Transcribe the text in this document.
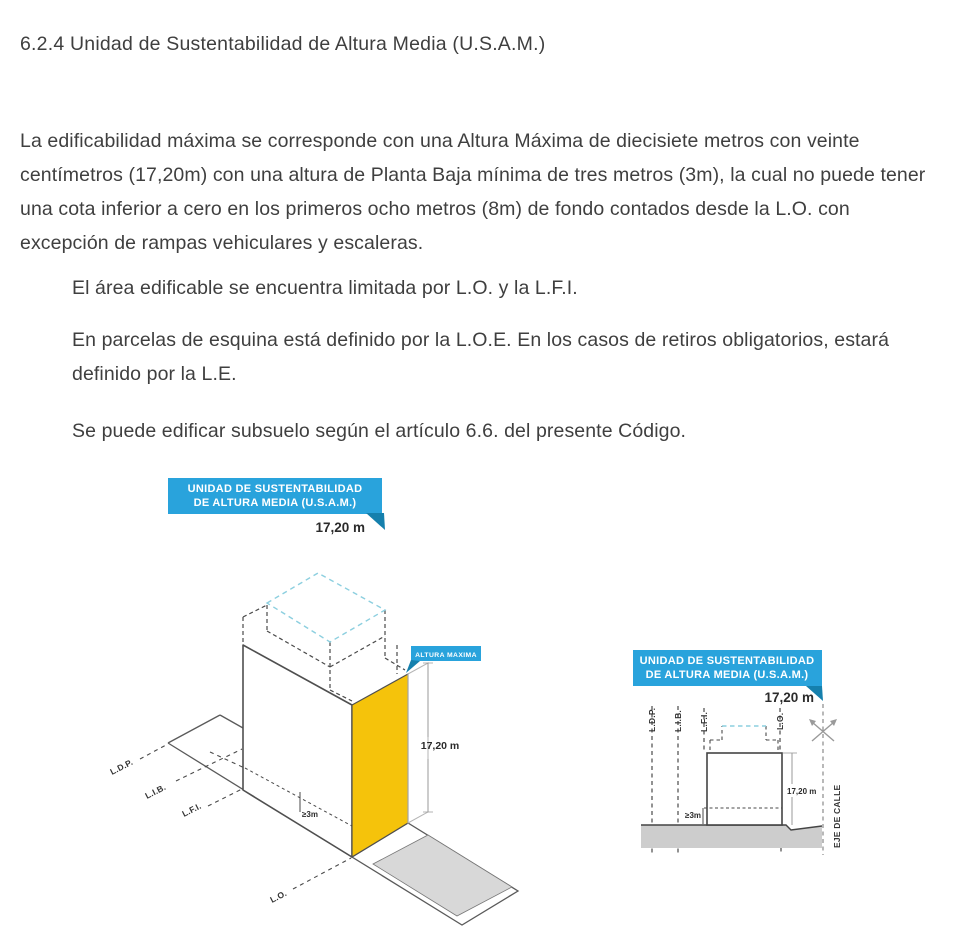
6.2.4 Unidad de Sustentabilidad de Altura Media (U.S.A.M.)

La edificabilidad máxima se corresponde con una Altura Máxima de diecisiete metros con veinte centímetros (17,20m) con una altura de Planta Baja mínima de tres metros (3m), la cual no puede tener una cota inferior a cero en los primeros ocho metros (8m) de fondo contados desde la L.O. con excepción de rampas vehiculares y escaleras.

El área edificable se encuentra limitada por L.O. y la L.F.I.

En parcelas de esquina está definido por la L.O.E. En los casos de retiros obligatorios, estará definido por la L.E.

Se puede edificar subsuelo según el artículo 6.6. del presente Código.

UNIDAD DE SUSTENTABILIDAD
DE ALTURA MEDIA (U.S.A.M.)
17,20 m
L.D.P.
L.I.B.
L.F.I.
L.O.
≥3m
17,20 m
ALTURA MAXIMA	UNIDAD DE SUSTENTABILIDAD
DE ALTURA MEDIA (U.S.A.M.)
17,20 m
L.D.P. L.I.B. L.F.I.	L.O.
EJE DE CALLE
≥3m
17,20 m
